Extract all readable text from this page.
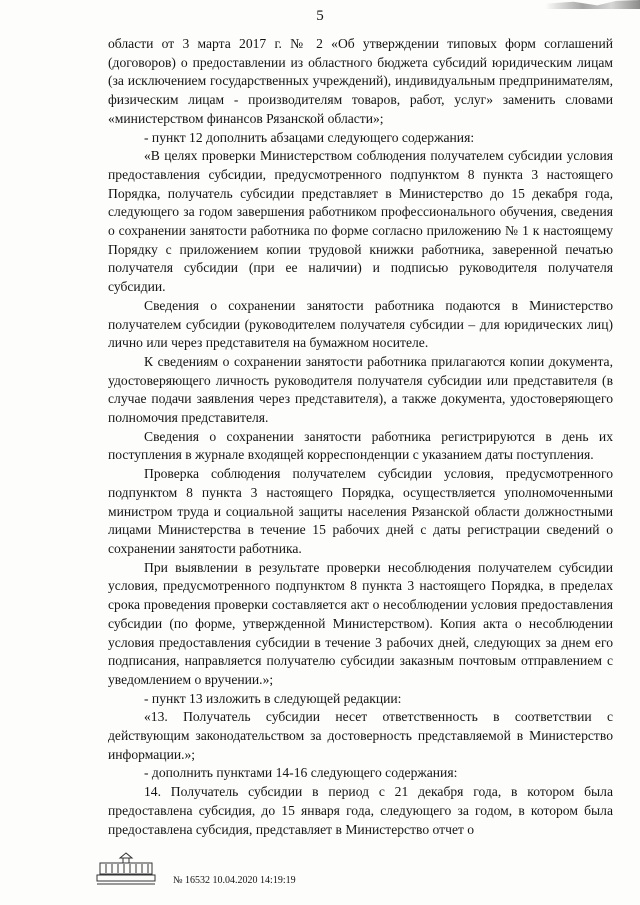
5

области от 3 марта 2017 г. № 2 «Об утверждении типовых форм соглашений (договоров) о предоставлении из областного бюджета субсидий юридическим лицам (за исключением государственных учреждений), индивидуальным предпринимателям, физическим лицам - производителям товаров, работ, услуг» заменить словами «министерством финансов Рязанской области»;

- пункт 12 дополнить абзацами следующего содержания:

«В целях проверки Министерством соблюдения получателем субсидии условия предоставления субсидии, предусмотренного подпунктом 8 пункта 3 настоящего Порядка, получатель субсидии представляет в Министерство до 15 декабря года, следующего за годом завершения работником профессионального обучения, сведения о сохранении занятости работника по форме согласно приложению № 1 к настоящему Порядку с приложением копии трудовой книжки работника, заверенной печатью получателя субсидии (при ее наличии) и подписью руководителя получателя субсидии.

Сведения о сохранении занятости работника подаются в Министерство получателем субсидии (руководителем получателя субсидии – для юридических лиц) лично или через представителя на бумажном носителе.

К сведениям о сохранении занятости работника прилагаются копии документа, удостоверяющего личность руководителя получателя субсидии или представителя (в случае подачи заявления через представителя), а также документа, удостоверяющего полномочия представителя.

Сведения о сохранении занятости работника регистрируются в день их поступления в журнале входящей корреспонденции с указанием даты поступления.

Проверка соблюдения получателем субсидии условия, предусмотренного подпунктом 8 пункта 3 настоящего Порядка, осуществляется уполномоченными министром труда и социальной защиты населения Рязанской области должностными лицами Министерства в течение 15 рабочих дней с даты регистрации сведений о сохранении занятости работника.

При выявлении в результате проверки несоблюдения получателем субсидии условия, предусмотренного подпунктом 8 пункта 3 настоящего Порядка, в пределах срока проведения проверки составляется акт о несоблюдении условия предоставления субсидии (по форме, утвержденной Министерством). Копия акта о несоблюдении условия предоставления субсидии в течение 3 рабочих дней, следующих за днем его подписания, направляется получателю субсидии заказным почтовым отправлением с уведомлением о вручении.»;

- пункт 13 изложить в следующей редакции:

«13. Получатель субсидии несет ответственность в соответствии с действующим законодательством за достоверность представляемой в Министерство информации.»;

- дополнить пунктами 14-16 следующего содержания:

14. Получатель субсидии в период с 21 декабря года, в котором была предоставлена субсидия, до 15 января года, следующего за годом, в котором была предоставлена субсидия, представляет в Министерство отчет о

№ 16532 10.04.2020 14:19:19
